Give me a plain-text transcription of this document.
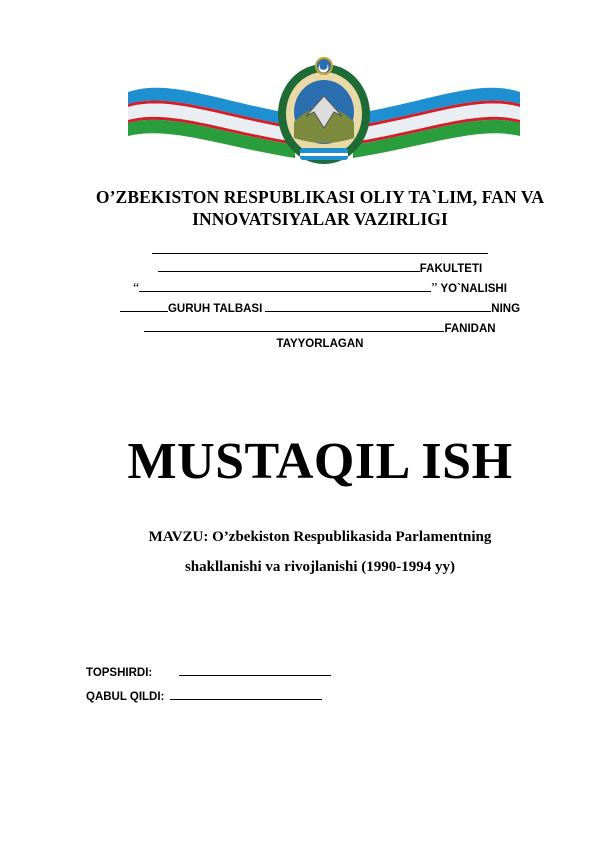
O’ZBEKISTON RESPUBLIKASI OLIY TA`LIM, FAN VA
INNOVATSIYALAR VAZIRLIGI
FAKULTETI
“	” YO`NALISHI
GURUH TALBASI	NING
FANIDAN
TAYYORLAGAN
MUSTAQIL ISH
MAVZU: O’zbekiston Respublikasida Parlamentning
shakllanishi va rivojlanishi (1990-1994 yy)
TOPSHIRDI:
QABUL QILDI:
